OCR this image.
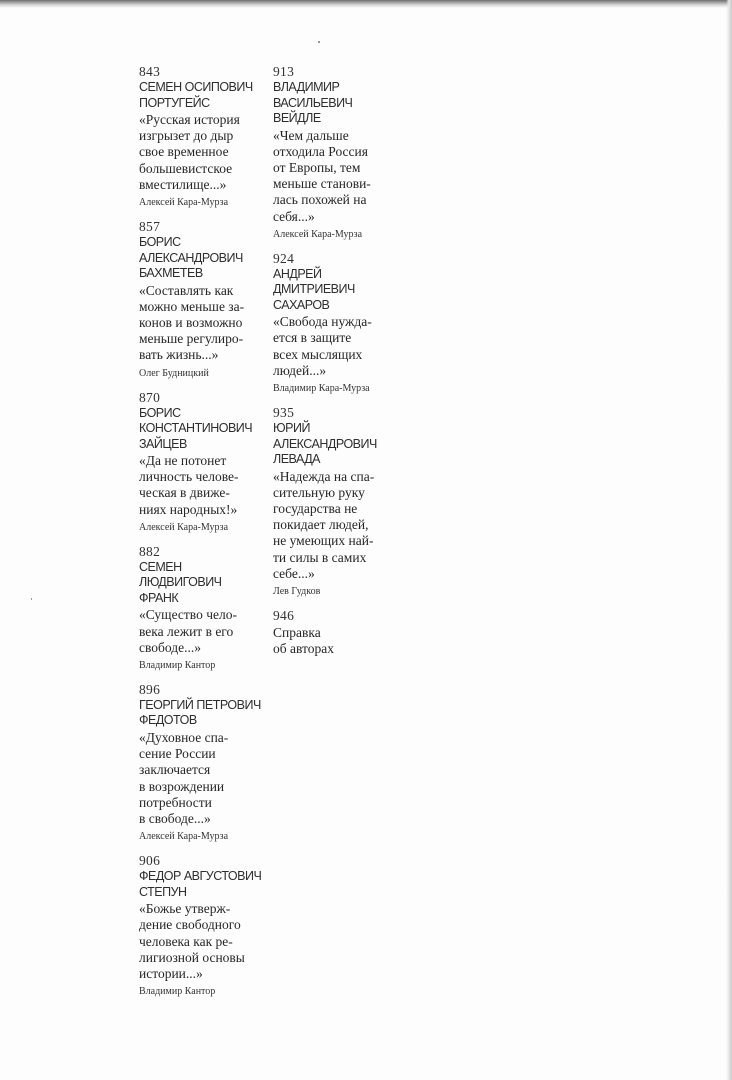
843
СЕМЕН ОСИПОВИЧ
ПОРТУГЕЙС
«Русская история
изгрызет до дыр
свое временное
большевистское
вместилище...»
Алексей Кара-Мурза
857
БОРИС
АЛЕКСАНДРОВИЧ
БАХМЕТЕВ
«Составлять как
можно меньше за-
конов и возможно
меньше регулиро-
вать жизнь...»
Олег Будницкий
870
БОРИС
КОНСТАНТИНОВИЧ
ЗАЙЦЕВ
«Да не потонет
личность челове-
ческая в движе-
ниях народных!»
Алексей Кара-Мурза
882
СЕМЕН ЛЮДВИГОВИЧ
ФРАНК
«Существо чело-
века лежит в его
свободе...»
Владимир Кантор
896
ГЕОРГИЙ ПЕТРОВИЧ
ФЕДОТОВ
«Духовное спа-
сение России
заключается
в возрождении
потребности
в свободе...»
Алексей Кара-Мурза
906
ФЕДОР АВГУСТОВИЧ
СТЕПУН
«Божье утверж-
дение свободного
человека как ре-
лигиозной основы
истории...»
Владимир Кантор
913
ВЛАДИМИР
ВАСИЛЬЕВИЧ ВЕЙДЛЕ
«Чем дальше
отходила Россия
от Европы, тем
меньше станови-
лась похожей на
себя...»
Алексей Кара-Мурза
924
АНДРЕЙ ДМИТРИЕВИЧ
САХАРОВ
«Свобода нужда-
ется в защите
всех мыслящих
людей...»
Владимир Кара-Мурза
935
ЮРИЙ
АЛЕКСАНДРОВИЧ
ЛЕВАДА
«Надежда на спа-
сительную руку
государства не
покидает людей,
не умеющих най-
ти силы в самих
себе...»
Лев Гудков
946
Справка
об авторах
